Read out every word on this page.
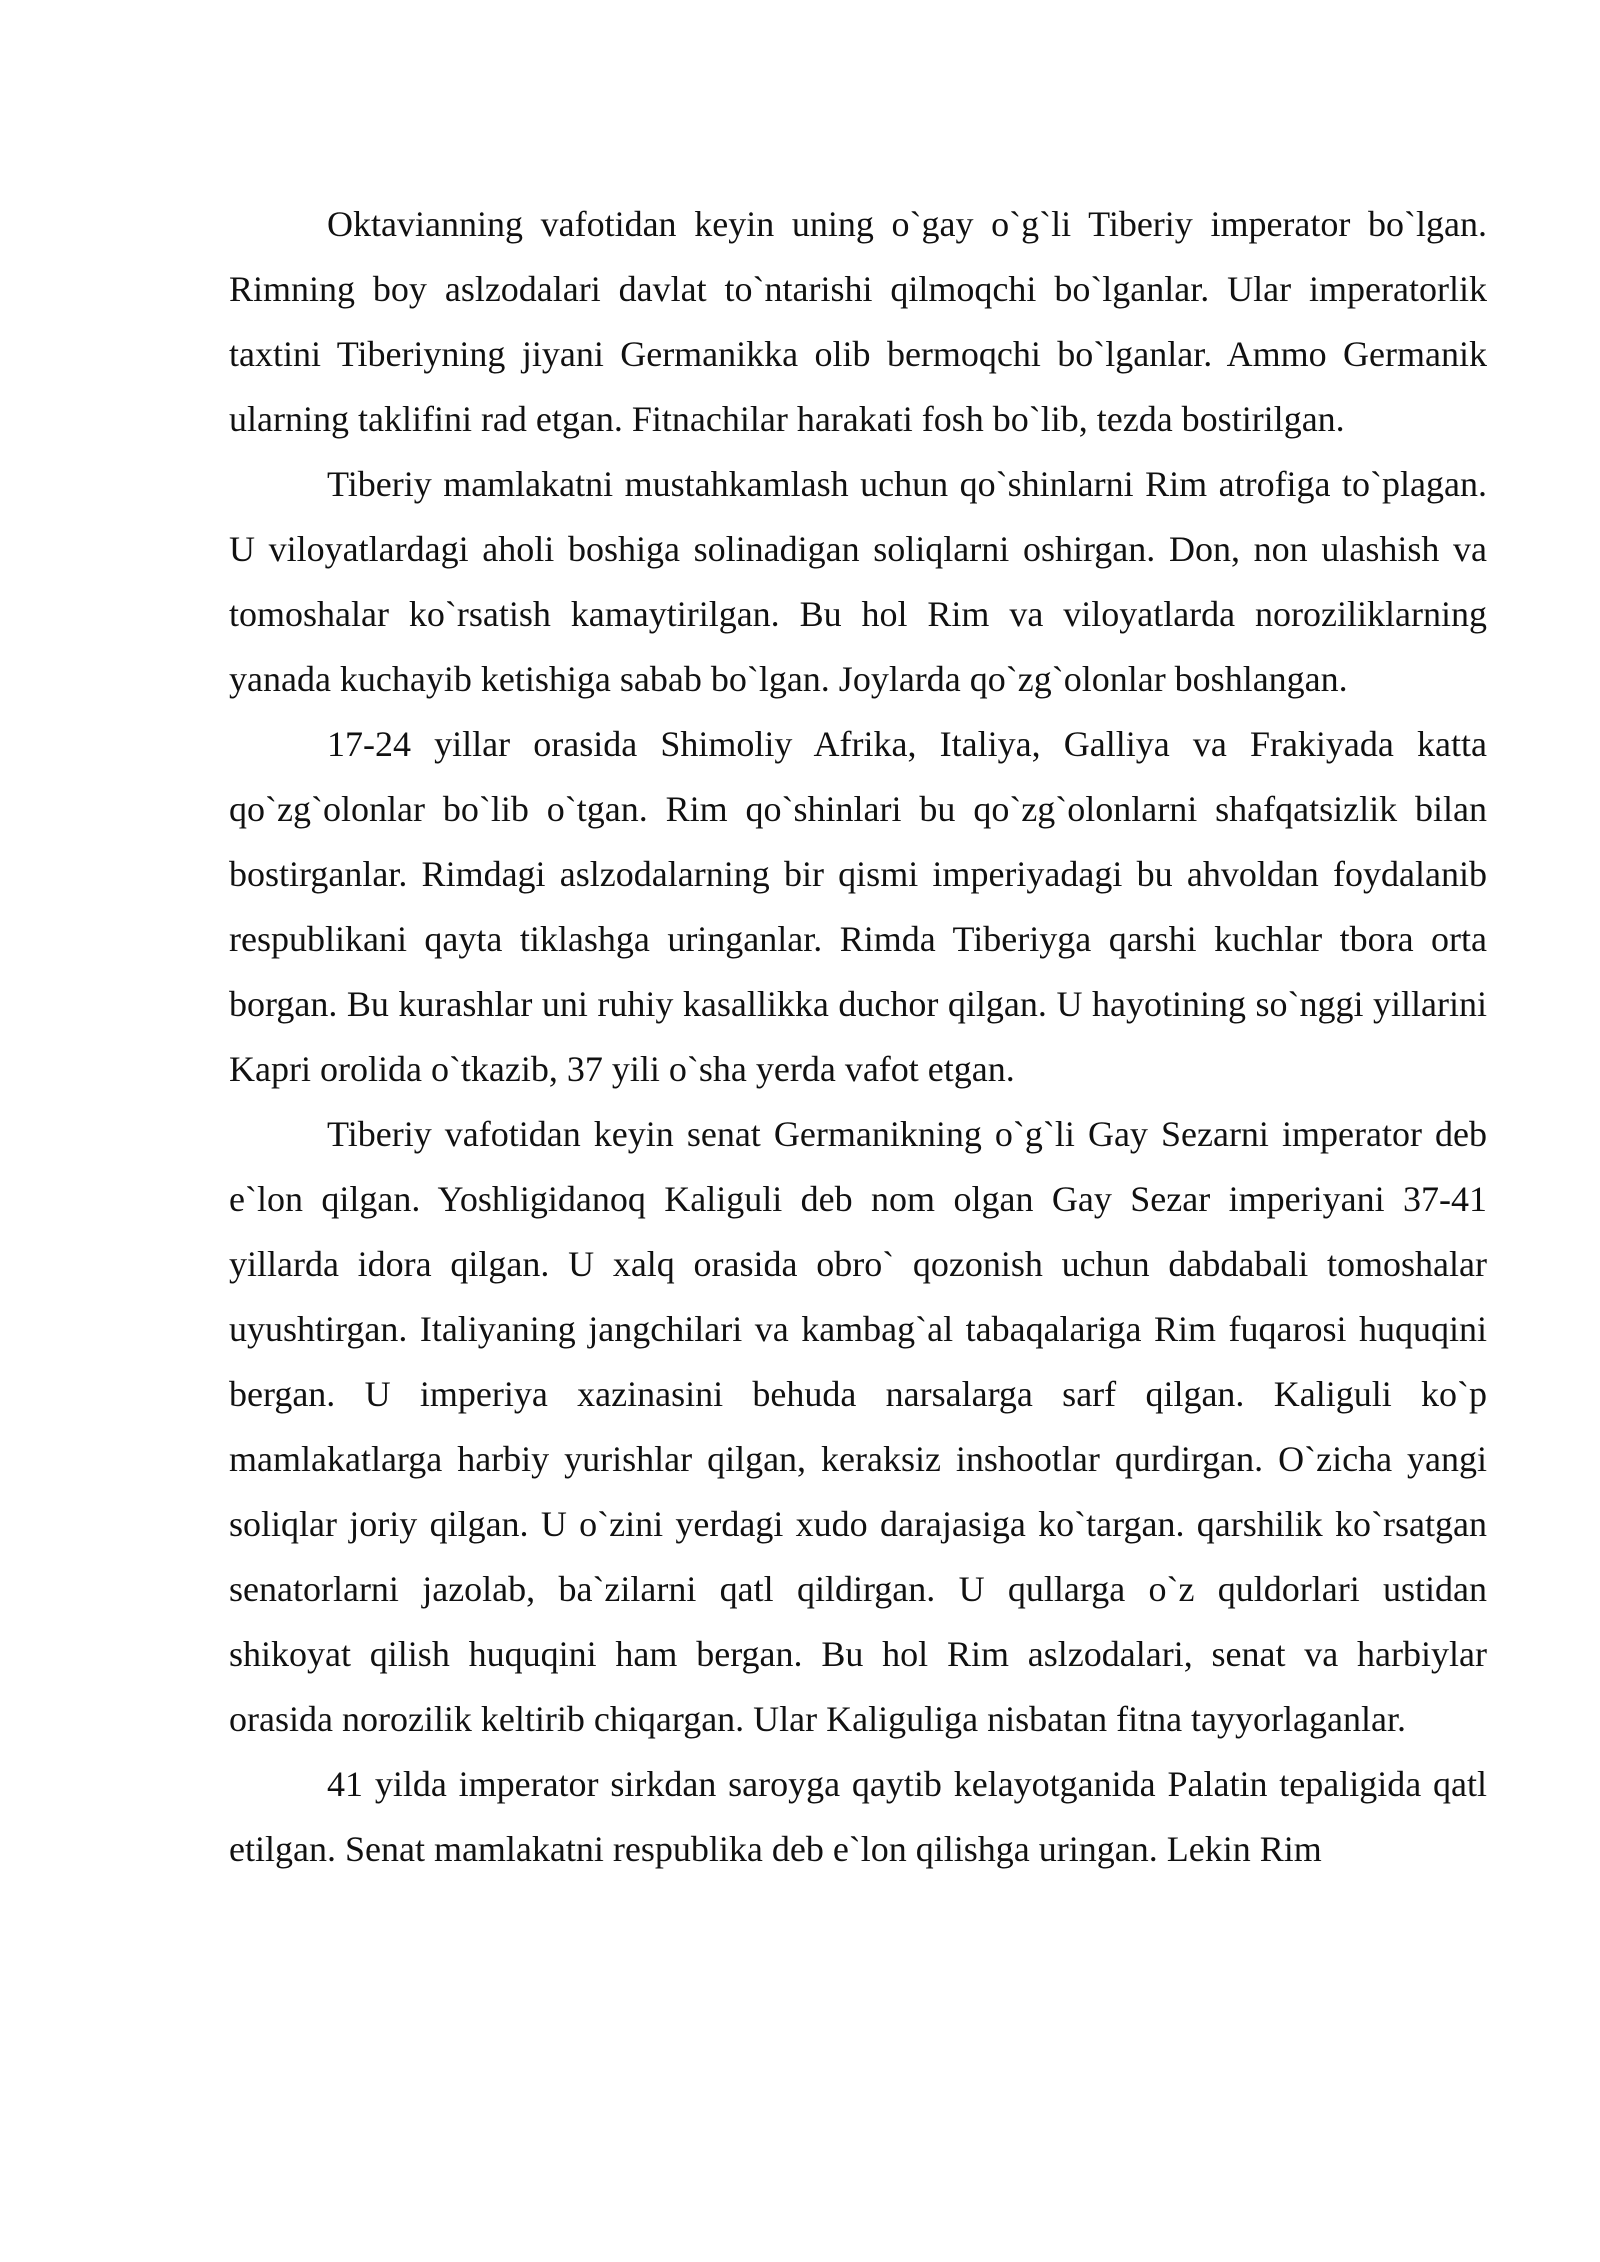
Oktavianning vafotidan keyin uning o`gay o`g`li Tiberiy imperator bo`lgan. Rimning boy aslzodalari davlat to`ntarishi qilmoqchi bo`lganlar. Ular imperatorlik taxtini Tiberiyning jiyani Germanikka olib bermoqchi bo`lganlar. Ammo Germanik ularning taklifini rad etgan. Fitnachilar harakati fosh bo`lib, tezda bostirilgan.

Tiberiy mamlakatni mustahkamlash uchun qo`shinlarni Rim atrofiga to`plagan. U viloyatlardagi aholi boshiga solinadigan soliqlarni oshirgan. Don, non ulashish va tomoshalar ko`rsatish kamaytirilgan. Bu hol Rim va viloyatlarda noroziliklarning yanada kuchayib ketishiga sabab bo`lgan. Joylarda qo`zg`olonlar boshlangan.

17-24 yillar orasida Shimoliy Afrika, Italiya, Galliya va Frakiyada katta qo`zg`olonlar bo`lib o`tgan. Rim qo`shinlari bu qo`zg`olonlarni shafqatsizlik bilan bostirganlar. Rimdagi aslzodalarning bir qismi imperiyadagi bu ahvoldan foydalanib respublikani qayta tiklashga uringanlar. Rimda Tiberiyga qarshi kuchlar tbora orta borgan. Bu kurashlar uni ruhiy kasallikka duchor qilgan. U hayotining so`nggi yillarini Kapri orolida o`tkazib, 37 yili o`sha yerda vafot etgan.

Tiberiy vafotidan keyin senat Germanikning o`g`li Gay Sezarni imperator deb e`lon qilgan. Yoshligidanoq Kaliguli deb nom olgan Gay Sezar imperiyani 37-41 yillarda idora qilgan. U xalq orasida obro` qozonish uchun dabdabali tomoshalar uyushtirgan. Italiyaning jangchilari va kambag`al tabaqalariga Rim fuqarosi huquqini bergan. U imperiya xazinasini behuda narsalarga sarf qilgan. Kaliguli ko`p mamlakatlarga harbiy yurishlar qilgan, keraksiz inshootlar qurdirgan. O`zicha yangi soliqlar joriy qilgan. U o`zini yerdagi xudo darajasiga ko`targan. qarshilik ko`rsatgan senatorlarni jazolab, ba`zilarni qatl qildirgan. U qullarga o`z quldorlari ustidan shikoyat qilish huquqini ham bergan. Bu hol Rim aslzodalari, senat va harbiylar orasida norozilik keltirib chiqargan. Ular Kaliguliga nisbatan fitna tayyorlaganlar.

41 yilda imperator sirkdan saroyga qaytib kelayotganida Palatin tepaligida qatl etilgan. Senat mamlakatni respublika deb e`lon qilishga uringan. Lekin Rim
